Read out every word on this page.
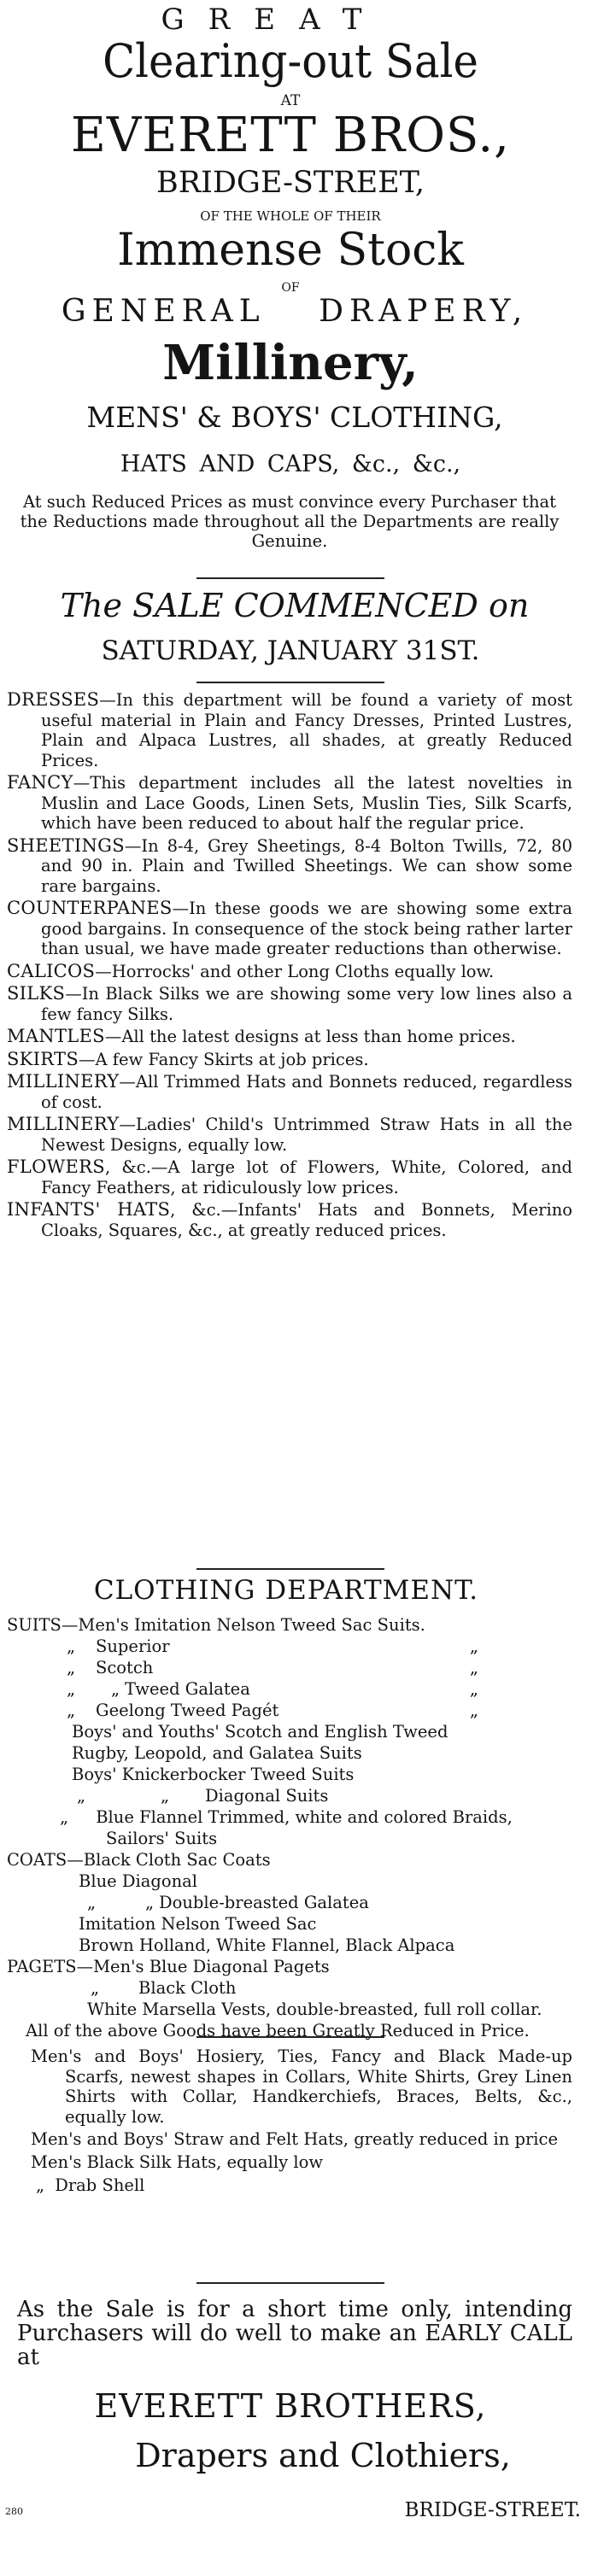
GREAT

Clearing-out Sale

AT

EVERETT BROS.,

BRIDGE-STREET,

OF THE WHOLE OF THEIR

Immense Stock

OF

GENERAL DRAPERY,

Millinery,

MENS' & BOYS' CLOTHING,

HATS AND CAPS, &c., &c.,

At such Reduced Prices as must convince every Purchaser that the Reductions made throughout all the Departments are really Genuine.

The SALE COMMENCED on

SATURDAY, JANUARY 31ST.

DRESSES—In this department will be found a variety of most useful material in Plain and Fancy Dresses, Printed Lustres, Plain and Alpaca Lustres, all shades, at greatly Reduced Prices.

FANCY—This department includes all the latest novelties in Muslin and Lace Goods, Linen Sets, Muslin Ties, Silk Scarfs, which have been reduced to about half the regular price.

SHEETINGS—In 8-4, Grey Sheetings, 8-4 Bolton Twills, 72, 80 and 90 in. Plain and Twilled Sheetings. We can show some rare bargains.

COUNTERPANES—In these goods we are showing some extra good bargains. In consequence of the stock being rather larter than usual, we have made greater reductions than otherwise.

CALICOS—Horrocks' and other Long Cloths equally low.

SILKS—In Black Silks we are showing some very low lines also a few fancy Silks.

MANTLES—All the latest designs at less than home prices.

SKIRTS—A few Fancy Skirts at job prices.

MILLINERY—All Trimmed Hats and Bonnets reduced, regardless of cost.

MILLINERY—Ladies' Child's Untrimmed Straw Hats in all the Newest Designs, equally low.

FLOWERS, &c.—A large lot of Flowers, White, Colored, and Fancy Feathers, at ridiculously low prices.

INFANTS' HATS, &c.—Infants' Hats and Bonnets, Merino Cloaks, Squares, &c., at greatly reduced prices.

CLOTHING DEPARTMENT.

SUITS—Men's Imitation Nelson Tweed Sac Suits.

„ Superior	„

„ Scotch	„

„ „ Tweed Galatea	„

„ Geelong Tweed Pagét	„

Boys' and Youths' Scotch and English Tweed

Rugby, Leopold, and Galatea Suits

Boys' Knickerbocker Tweed Suits

„	„ Diagonal Suits

„ Blue Flannel Trimmed, white and colored Braids, Sailors' Suits

COATS—Black Cloth Sac Coats

Blue Diagonal

„	„ Double-breasted Galatea

Imitation Nelson Tweed Sac

Brown Holland, White Flannel, Black Alpaca

PAGETS—Men's Blue Diagonal Pagets

„ Black Cloth

White Marsella Vests, double-breasted, full roll collar.

All of the above Goods have been Greatly Reduced in Price.

Men's and Boys' Hosiery, Ties, Fancy and Black Made-up Scarfs, newest shapes in Collars, White Shirts, Grey Linen Shirts with Collar, Handkerchiefs, Braces, Belts, &c., equally low.

Men's and Boys' Straw and Felt Hats, greatly reduced in price

Men's Black Silk Hats, equally low

„ Drab Shell

As the Sale is for a short time only, intending Purchasers will do well to make an EARLY CALL at

EVERETT BROTHERS,

Drapers and Clothiers,

BRIDGE-STREET.

280
